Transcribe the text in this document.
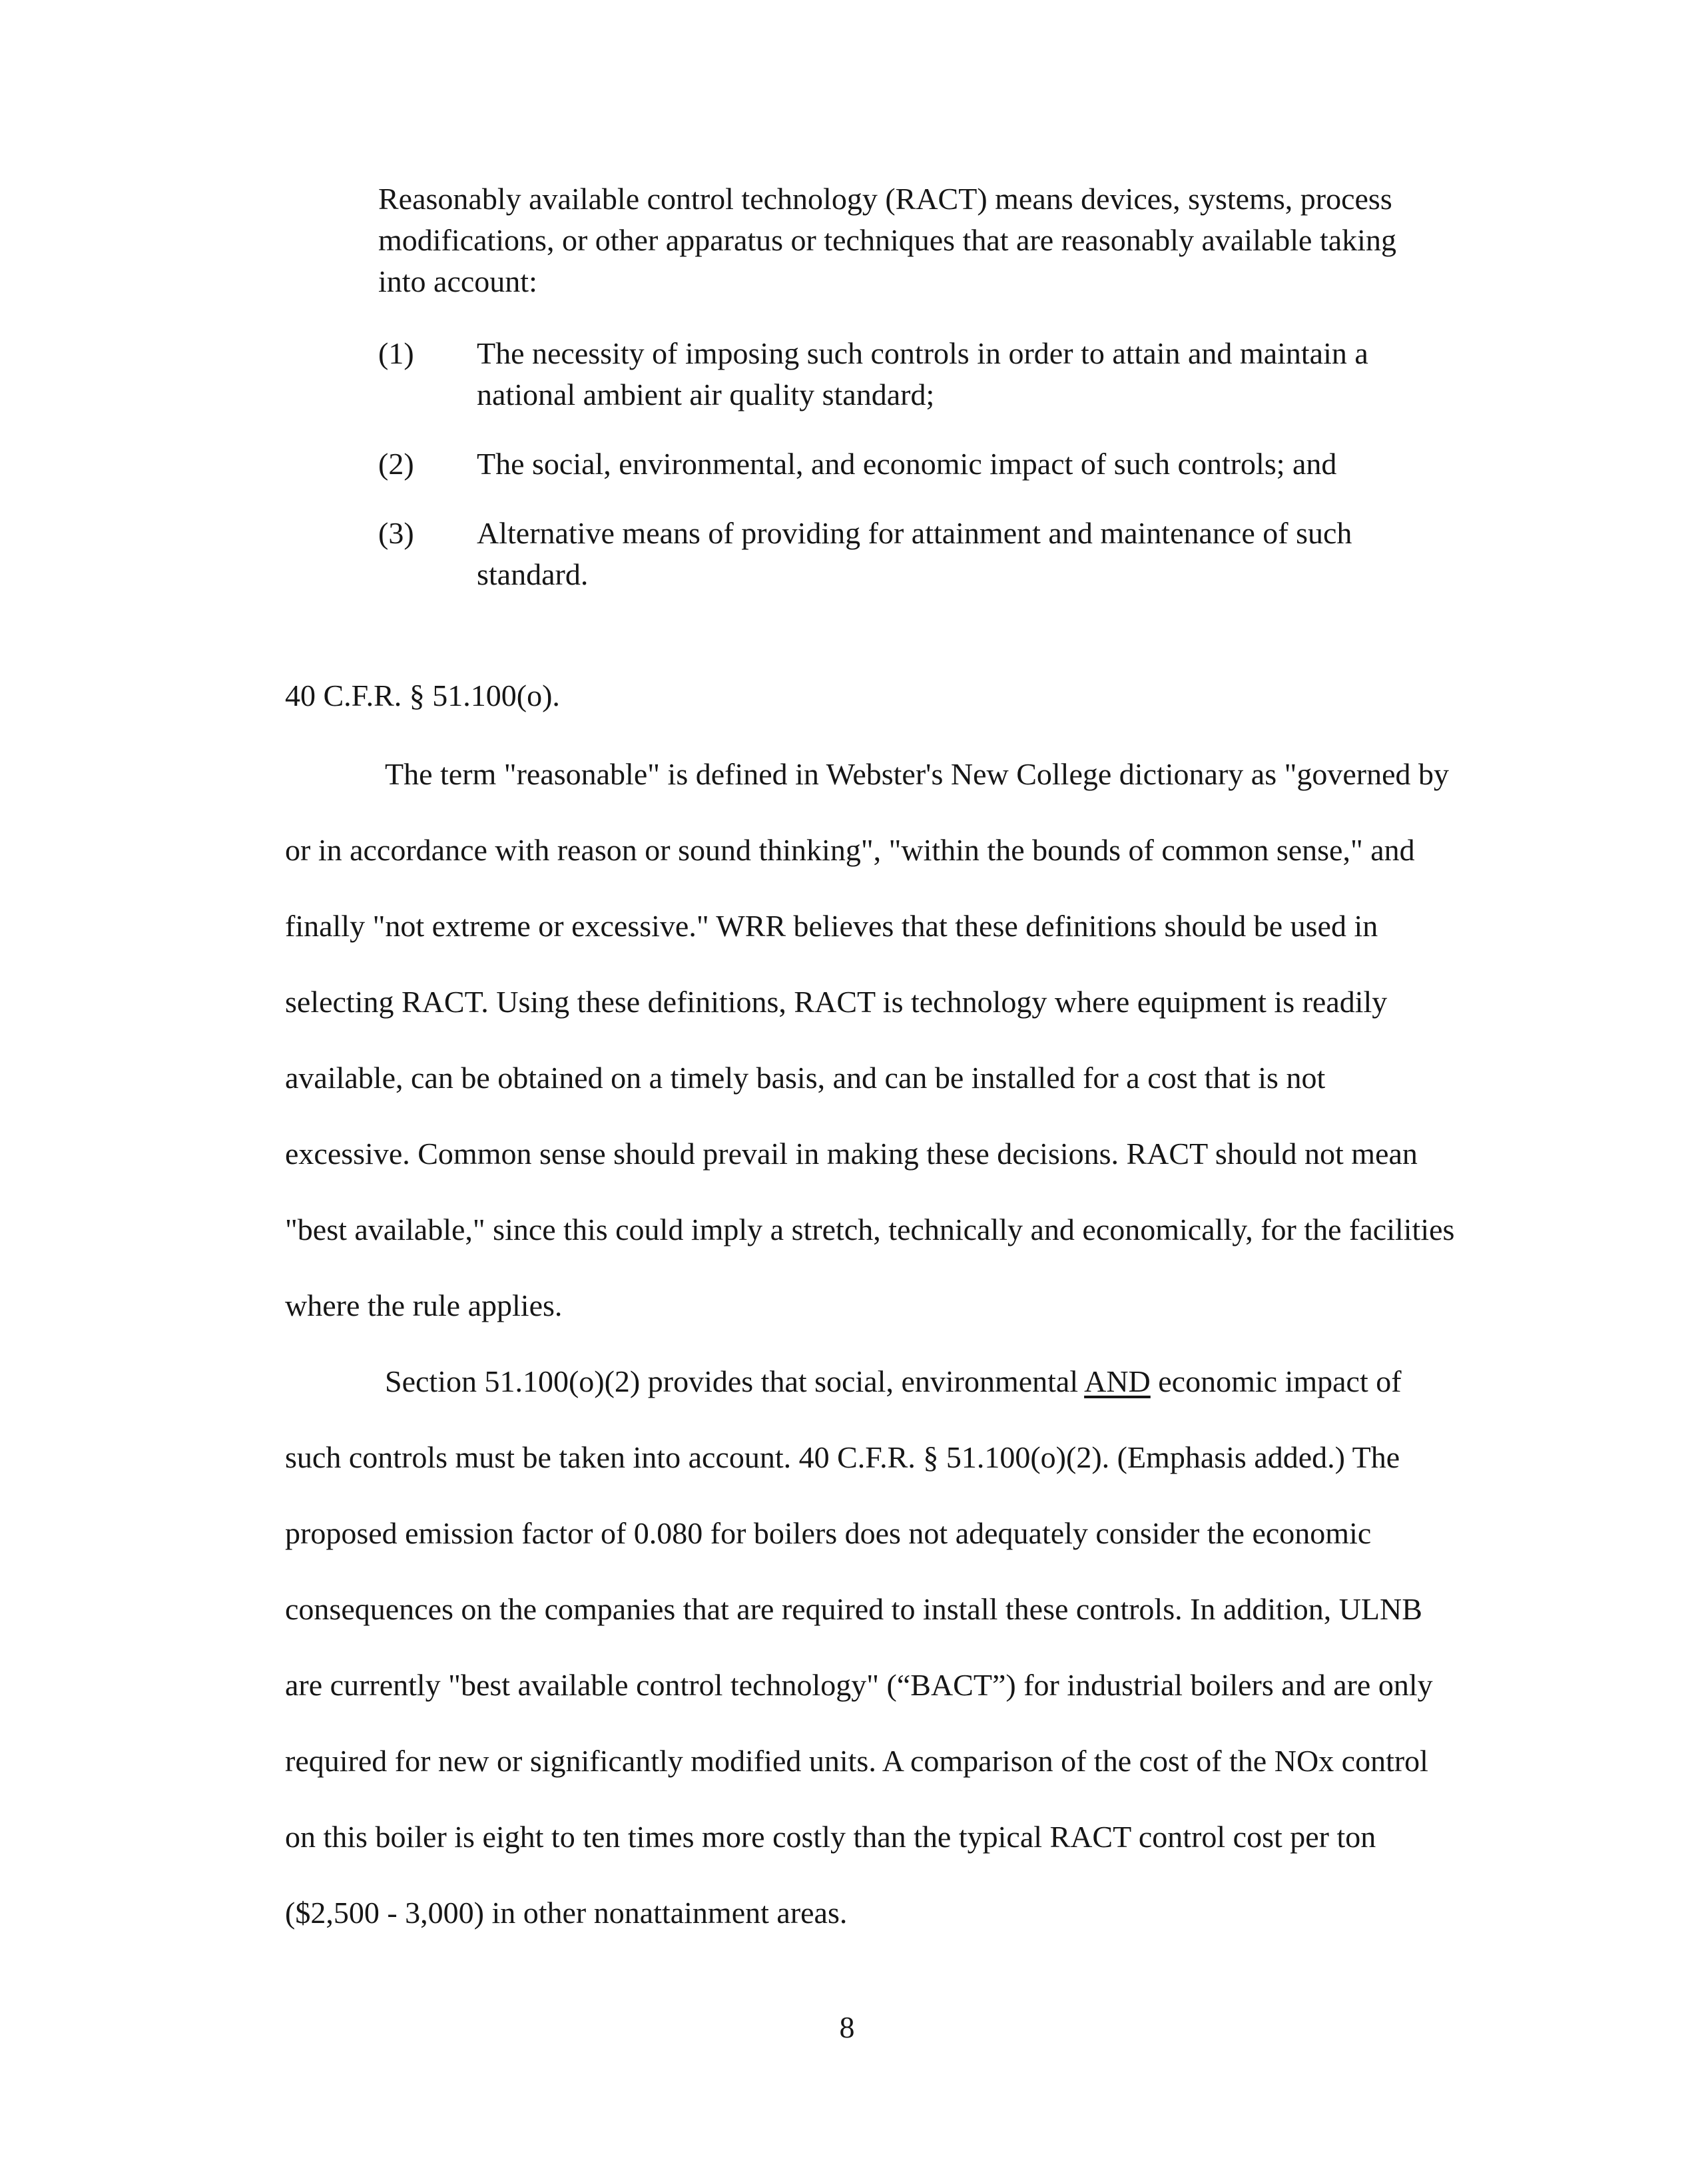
Reasonably available control technology (RACT) means devices, systems, process modifications, or other apparatus or techniques that are reasonably available taking into account:

(1)	The necessity of imposing such controls in order to attain and maintain a national ambient air quality standard;
(2)	The social, environmental, and economic impact of such controls; and
(3)	Alternative means of providing for attainment and maintenance of such standard.

40 C.F.R. § 51.100(o).

The term "reasonable" is defined in Webster's New College dictionary as "governed by or in accordance with reason or sound thinking", "within the bounds of common sense," and finally "not extreme or excessive." WRR believes that these definitions should be used in selecting RACT. Using these definitions, RACT is technology where equipment is readily available, can be obtained on a timely basis, and can be installed for a cost that is not excessive. Common sense should prevail in making these decisions. RACT should not mean "best available," since this could imply a stretch, technically and economically, for the facilities where the rule applies.

Section 51.100(o)(2) provides that social, environmental AND economic impact of such controls must be taken into account. 40 C.F.R. § 51.100(o)(2). (Emphasis added.) The proposed emission factor of 0.080 for boilers does not adequately consider the economic consequences on the companies that are required to install these controls. In addition, ULNB are currently "best available control technology" (“BACT”) for industrial boilers and are only required for new or significantly modified units. A comparison of the cost of the NOx control on this boiler is eight to ten times more costly than the typical RACT control cost per ton ($2,500 - 3,000) in other nonattainment areas.

8
